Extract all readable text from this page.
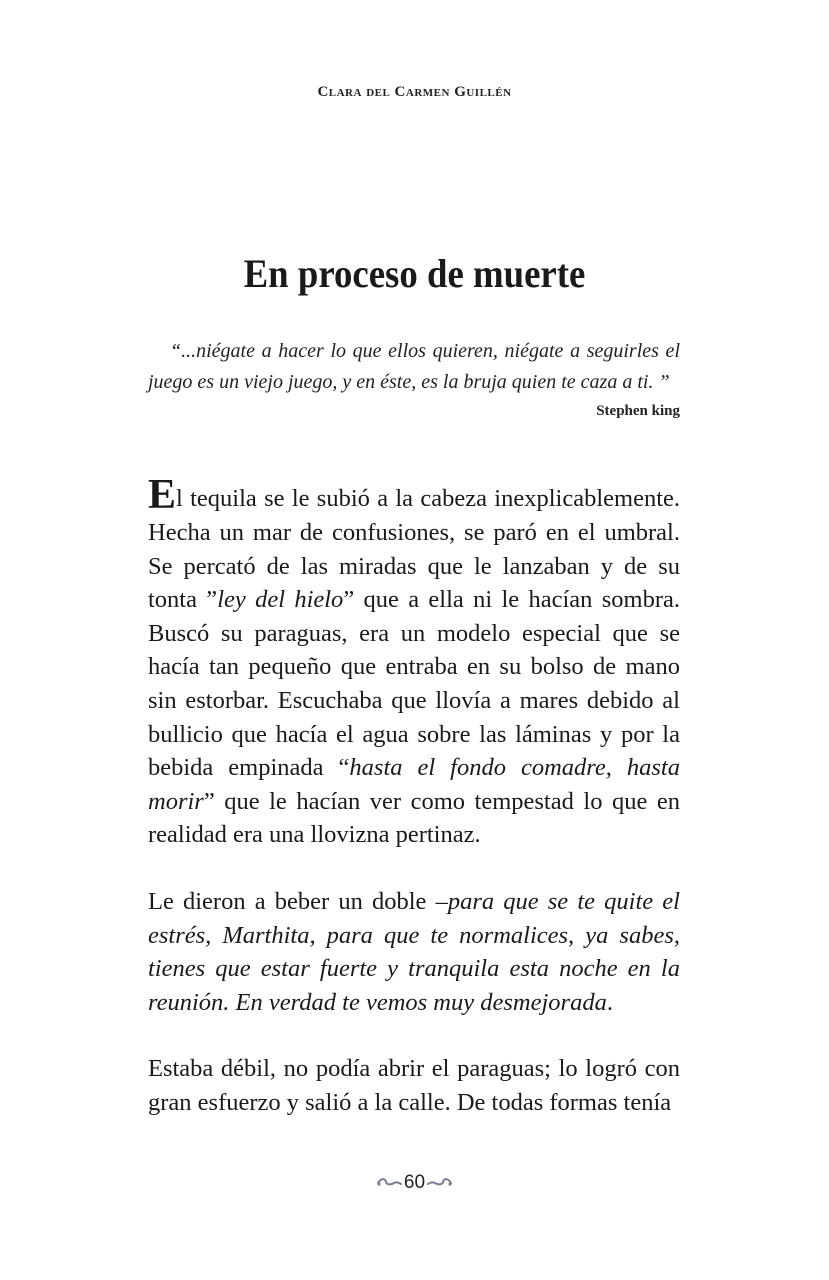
Clara del Carmen Guillén
En proceso de muerte

“...niégate a hacer lo que ellos quieren, niégate a seguirles el juego es un viejo juego, y en éste, es la bruja quien te caza a ti. ”

Stephen king

El tequila se le subió a la cabeza inexplicablemente. Hecha un mar de confusiones, se paró en el umbral. Se percató de las miradas que le lanzaban y de su tonta ”ley del hielo” que a ella ni le hacían sombra. Buscó su paraguas, era un modelo especial que se hacía tan pequeño que entraba en su bolso de mano sin estorbar. Escuchaba que llovía a mares debido al bullicio que hacía el agua sobre las láminas y por la bebida empinada “hasta el fondo comadre, hasta morir” que le hacían ver como tempestad lo que en realidad era una llovizna pertinaz.

Le dieron a beber un doble –para que se te quite el estrés, Marthita, para que te normalices, ya sabes, tienes que estar fuerte y tranquila esta noche en la reunión. En verdad te vemos muy desmejorada.

Estaba débil, no podía abrir el paraguas; lo logró con gran esfuerzo y salió a la calle. De todas formas tenía

60
